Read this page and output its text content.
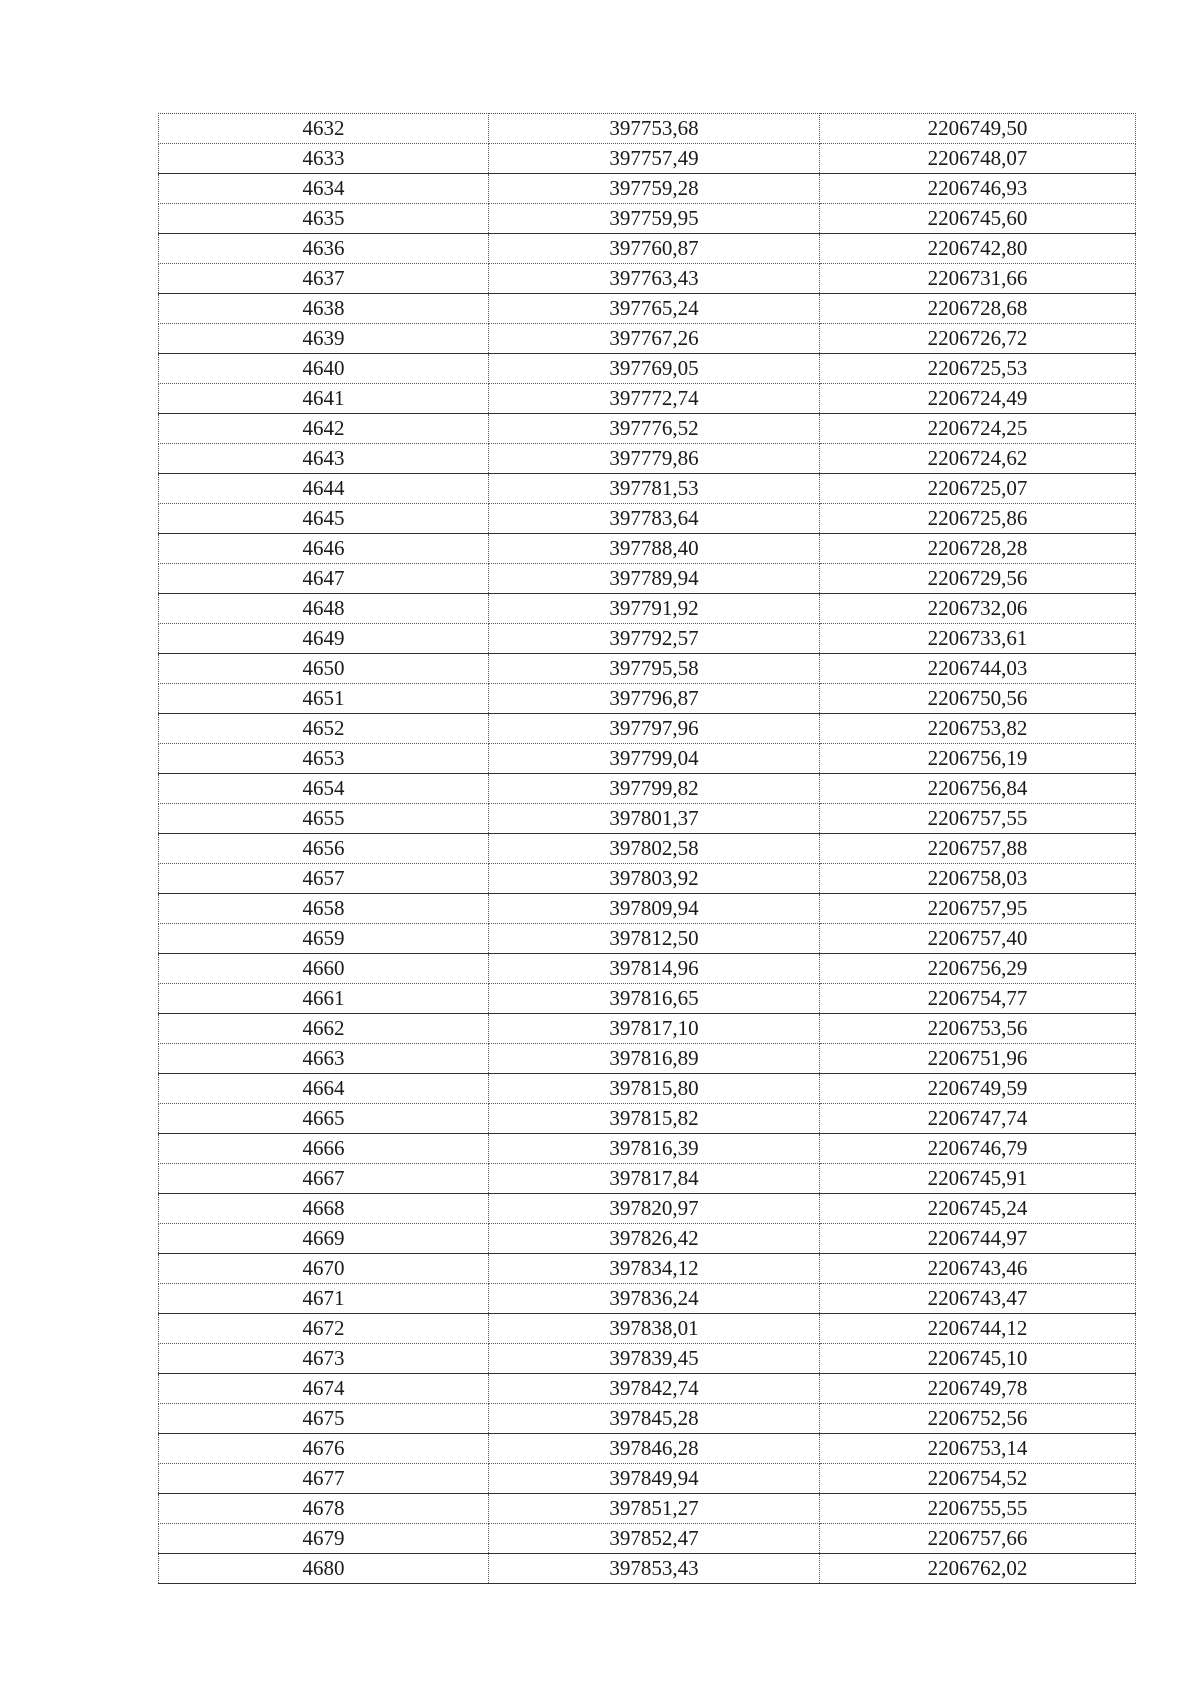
4632	397753,68	2206749,50
4633	397757,49	2206748,07
4634	397759,28	2206746,93
4635	397759,95	2206745,60
4636	397760,87	2206742,80
4637	397763,43	2206731,66
4638	397765,24	2206728,68
4639	397767,26	2206726,72
4640	397769,05	2206725,53
4641	397772,74	2206724,49
4642	397776,52	2206724,25
4643	397779,86	2206724,62
4644	397781,53	2206725,07
4645	397783,64	2206725,86
4646	397788,40	2206728,28
4647	397789,94	2206729,56
4648	397791,92	2206732,06
4649	397792,57	2206733,61
4650	397795,58	2206744,03
4651	397796,87	2206750,56
4652	397797,96	2206753,82
4653	397799,04	2206756,19
4654	397799,82	2206756,84
4655	397801,37	2206757,55
4656	397802,58	2206757,88
4657	397803,92	2206758,03
4658	397809,94	2206757,95
4659	397812,50	2206757,40
4660	397814,96	2206756,29
4661	397816,65	2206754,77
4662	397817,10	2206753,56
4663	397816,89	2206751,96
4664	397815,80	2206749,59
4665	397815,82	2206747,74
4666	397816,39	2206746,79
4667	397817,84	2206745,91
4668	397820,97	2206745,24
4669	397826,42	2206744,97
4670	397834,12	2206743,46
4671	397836,24	2206743,47
4672	397838,01	2206744,12
4673	397839,45	2206745,10
4674	397842,74	2206749,78
4675	397845,28	2206752,56
4676	397846,28	2206753,14
4677	397849,94	2206754,52
4678	397851,27	2206755,55
4679	397852,47	2206757,66
4680	397853,43	2206762,02
